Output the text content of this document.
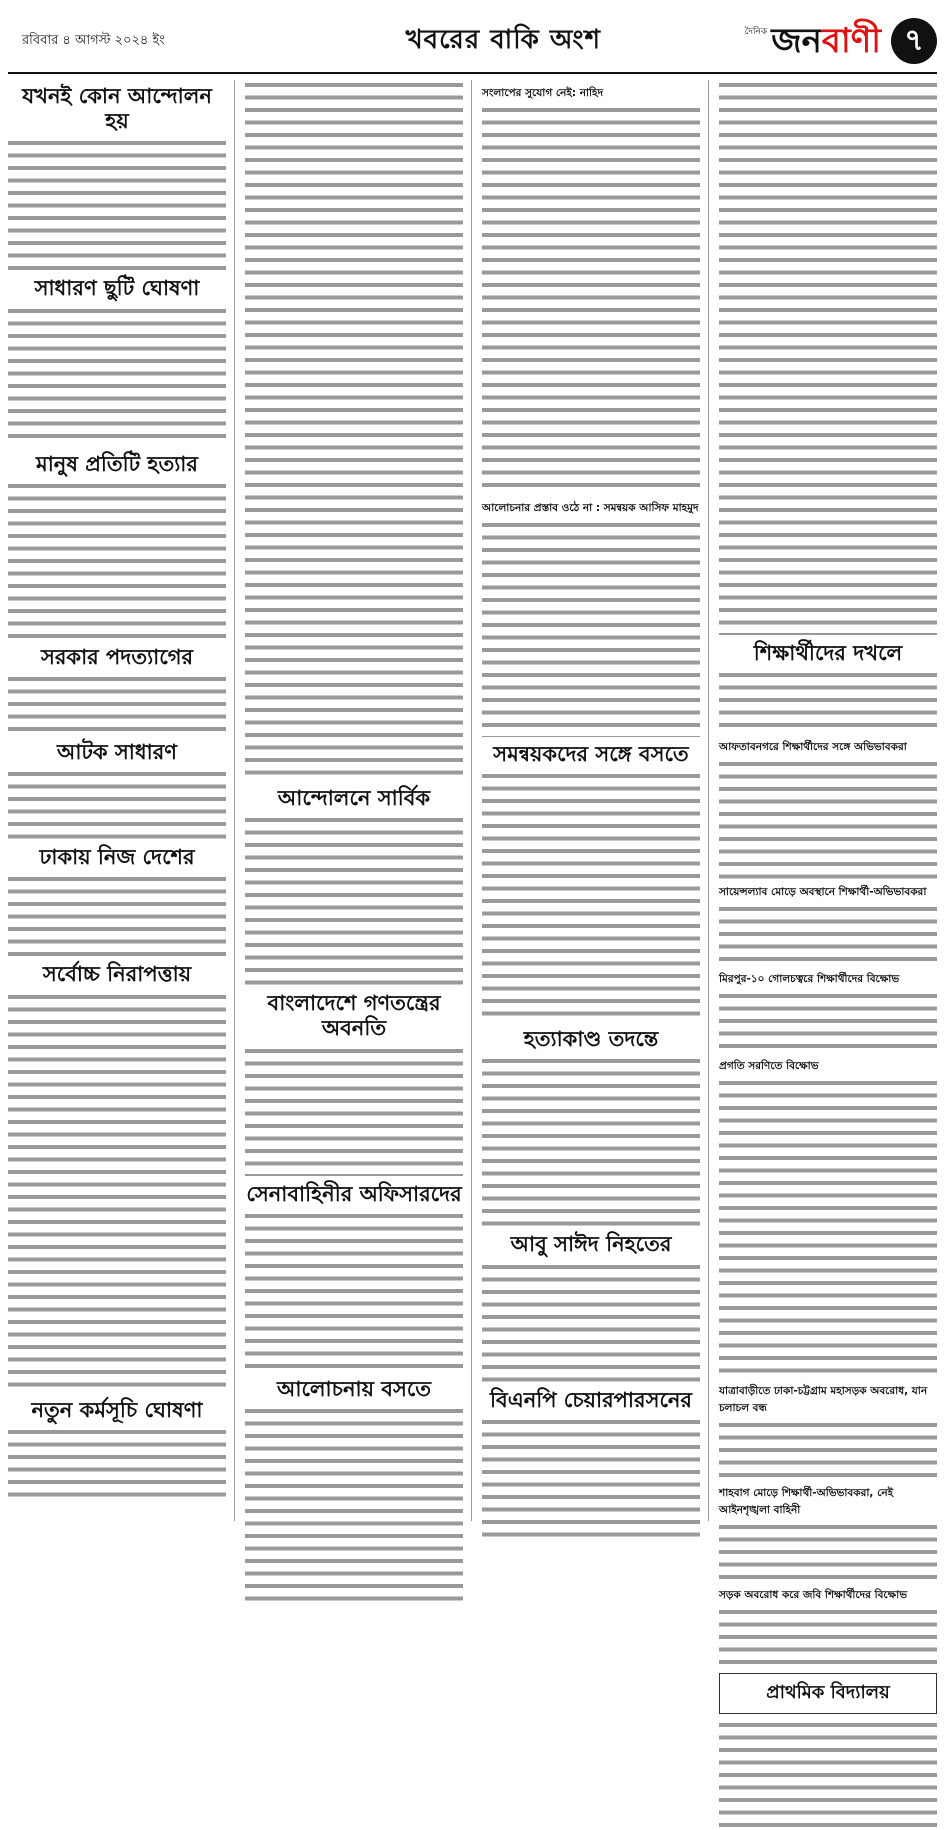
রবিবার ৪ আগস্ট ২০২৪ ইং	খবরের বাকি অংশ	দৈনিক জনবাণী ৭
যখনই কোন আন্দোলন হয়
সাধারণ ছুটি ঘোষণা
মানুষ প্রতিটি হত্যার
সরকার পদত্যাগের
আটক সাধারণ
ঢাকায় নিজ দেশের
সর্বোচ্চ নিরাপত্তায়
নতুন কর্মসূচি ঘোষণা
আন্দোলনে সার্বিক
বাংলাদেশে গণতন্ত্রের অবনতি
সেনাবাহিনীর অফিসারদের
আলোচনায় বসতে
সংলাপের সুযোগ নেই: নাহিদ
আলোচনার প্রস্তাব ওঠে না : সমন্বয়ক আসিফ মাহমুদ
সমন্বয়কদের সঙ্গে বসতে
হত্যাকাণ্ড তদন্তে
আবু সাঈদ নিহতের
বিএনপি চেয়ারপারসনের
শিক্ষার্থীদের দখলে
আফতাবনগরে শিক্ষার্থীদের সঙ্গে অভিভাবকরা
সায়েন্সল্যাব মোড়ে অবস্থানে শিক্ষার্থী-অভিভাবকরা
মিরপুর-১০ গোলচত্বরে শিক্ষার্থীদের বিক্ষোভ
প্রগতি সরণিতে বিক্ষোভ
যাত্রাবাড়ীতে ঢাকা-চট্টগ্রাম মহাসড়ক অবরোধ, যান চলাচল বন্ধ
শাহবাগ মোড়ে শিক্ষার্থী-অভিভাবকরা, নেই আইনশৃঙ্খলা বাহিনী
সড়ক অবরোধ করে জবি শিক্ষার্থীদের বিক্ষোভ
প্রাথমিক বিদ্যালয়
